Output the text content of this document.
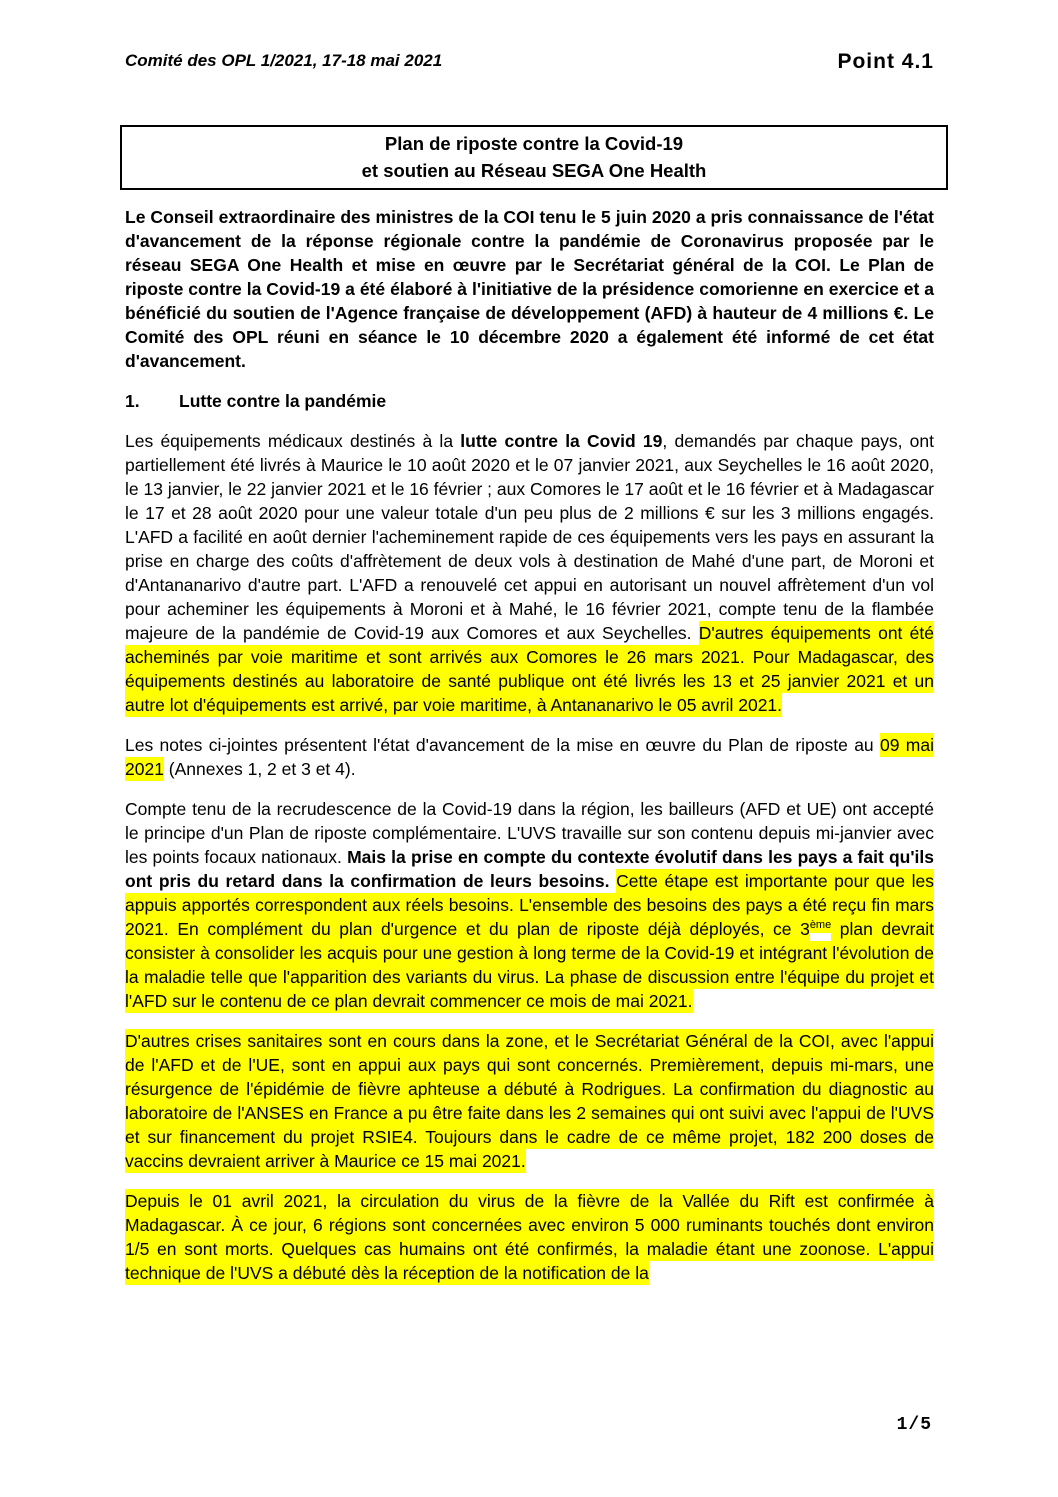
Comité des OPL 1/2021, 17-18 mai 2021	Point 4.1
Plan de riposte contre la Covid-19
et soutien au Réseau SEGA One Health

Le Conseil extraordinaire des ministres de la COI tenu le 5 juin 2020 a pris connaissance de l'état d'avancement de la réponse régionale contre la pandémie de Coronavirus proposée par le réseau SEGA One Health et mise en œuvre par le Secrétariat général de la COI. Le Plan de riposte contre la Covid-19 a été élaboré à l'initiative de la présidence comorienne en exercice et a bénéficié du soutien de l'Agence française de développement (AFD) à hauteur de 4 millions €. Le Comité des OPL réuni en séance le 10 décembre 2020 a également été informé de cet état d'avancement.

1. Lutte contre la pandémie

Les équipements médicaux destinés à la lutte contre la Covid 19, demandés par chaque pays, ont partiellement été livrés à Maurice le 10 août 2020 et le 07 janvier 2021, aux Seychelles le 16 août 2020, le 13 janvier, le 22 janvier 2021 et le 16 février ; aux Comores le 17 août et le 16 février et à Madagascar le 17 et 28 août 2020 pour une valeur totale d'un peu plus de 2 millions € sur les 3 millions engagés. L'AFD a facilité en août dernier l'acheminement rapide de ces équipements vers les pays en assurant la prise en charge des coûts d'affrètement de deux vols à destination de Mahé d'une part, de Moroni et d'Antananarivo d'autre part. L'AFD a renouvelé cet appui en autorisant un nouvel affrètement d'un vol pour acheminer les équipements à Moroni et à Mahé, le 16 février 2021, compte tenu de la flambée majeure de la pandémie de Covid-19 aux Comores et aux Seychelles. D'autres équipements ont été acheminés par voie maritime et sont arrivés aux Comores le 26 mars 2021. Pour Madagascar, des équipements destinés au laboratoire de santé publique ont été livrés les 13 et 25 janvier 2021 et un autre lot d'équipements est arrivé, par voie maritime, à Antananarivo le 05 avril 2021.

Les notes ci-jointes présentent l'état d'avancement de la mise en œuvre du Plan de riposte au 09 mai 2021 (Annexes 1, 2 et 3 et 4).

Compte tenu de la recrudescence de la Covid-19 dans la région, les bailleurs (AFD et UE) ont accepté le principe d'un Plan de riposte complémentaire. L'UVS travaille sur son contenu depuis mi-janvier avec les points focaux nationaux. Mais la prise en compte du contexte évolutif dans les pays a fait qu'ils ont pris du retard dans la confirmation de leurs besoins. Cette étape est importante pour que les appuis apportés correspondent aux réels besoins. L'ensemble des besoins des pays a été reçu fin mars 2021. En complément du plan d'urgence et du plan de riposte déjà déployés, ce 3ème plan devrait consister à consolider les acquis pour une gestion à long terme de la Covid-19 et intégrant l'évolution de la maladie telle que l'apparition des variants du virus. La phase de discussion entre l'équipe du projet et l'AFD sur le contenu de ce plan devrait commencer ce mois de mai 2021.

D'autres crises sanitaires sont en cours dans la zone, et le Secrétariat Général de la COI, avec l'appui de l'AFD et de l'UE, sont en appui aux pays qui sont concernés. Premièrement, depuis mi-mars, une résurgence de l'épidémie de fièvre aphteuse a débuté à Rodrigues. La confirmation du diagnostic au laboratoire de l'ANSES en France a pu être faite dans les 2 semaines qui ont suivi avec l'appui de l'UVS et sur financement du projet RSIE4. Toujours dans le cadre de ce même projet, 182 200 doses de vaccins devraient arriver à Maurice ce 15 mai 2021.

Depuis le 01 avril 2021, la circulation du virus de la fièvre de la Vallée du Rift est confirmée à Madagascar. À ce jour, 6 régions sont concernées avec environ 5 000 ruminants touchés dont environ 1/5 en sont morts. Quelques cas humains ont été confirmés, la maladie étant une zoonose. L'appui technique de l'UVS a débuté dès la réception de la notification de la

1/5
